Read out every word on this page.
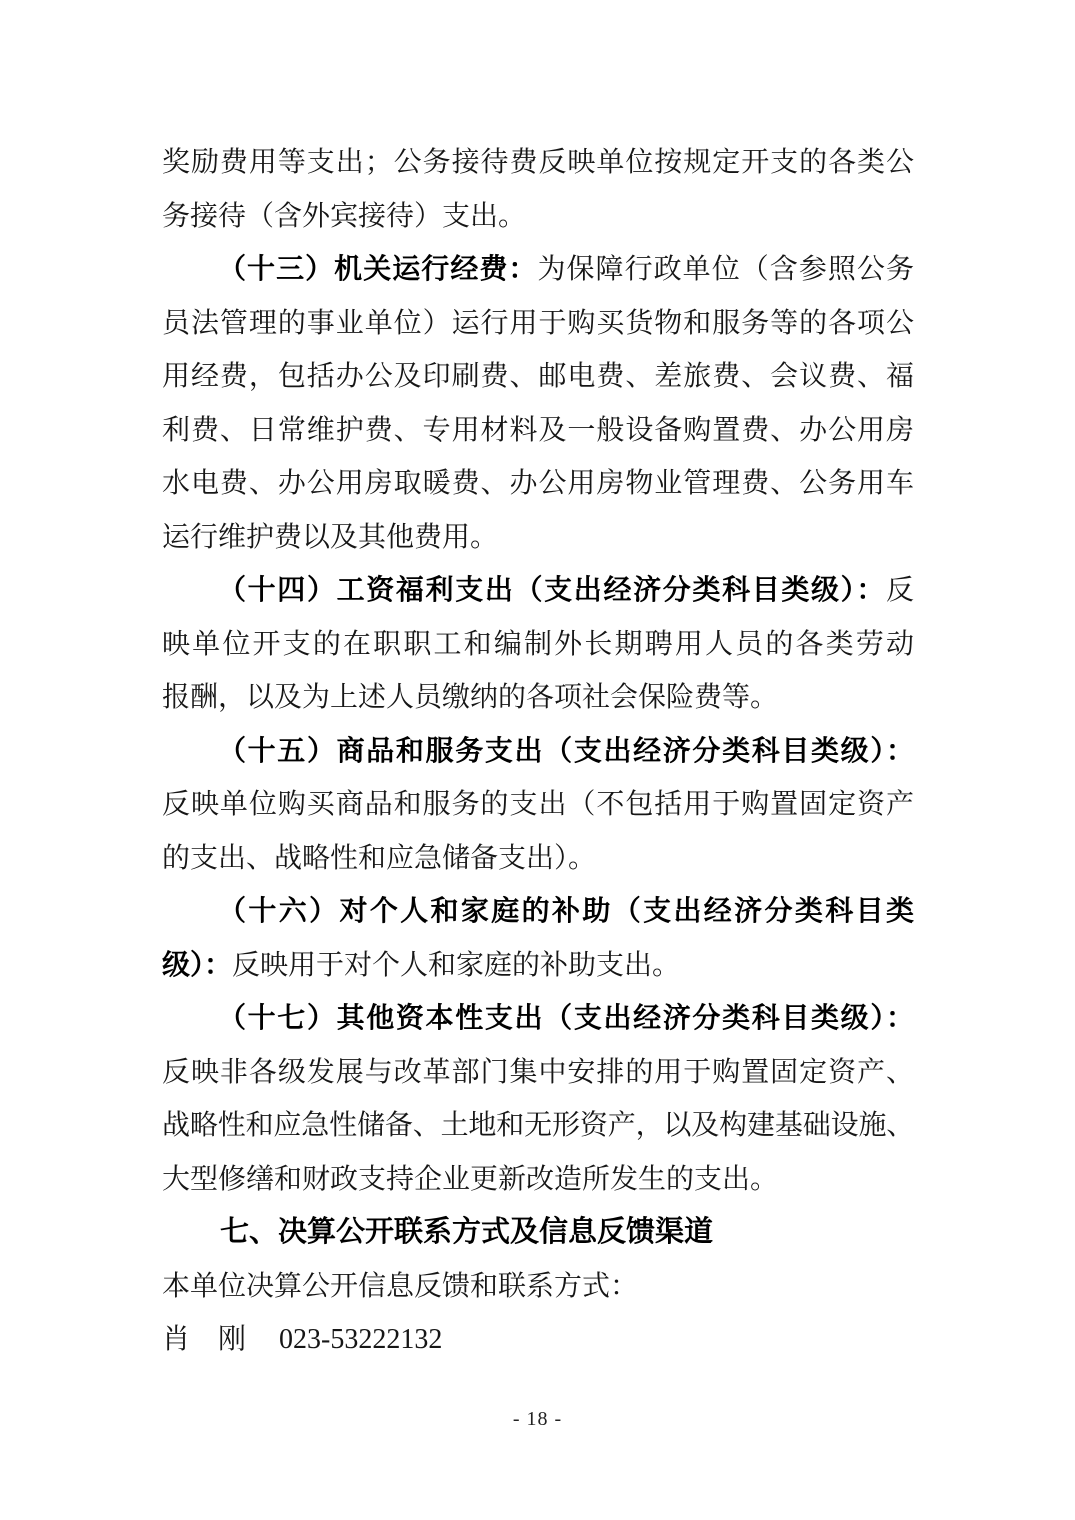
奖励费用等支出；公务接待费反映单位按规定开支的各类公
务接待（含外宾接待）支出。
（十三）机关运行经费：为保障行政单位（含参照公务
员法管理的事业单位）运行用于购买货物和服务等的各项公
用经费，包括办公及印刷费、邮电费、差旅费、会议费、福
利费、日常维护费、专用材料及一般设备购置费、办公用房
水电费、办公用房取暖费、办公用房物业管理费、公务用车
运行维护费以及其他费用。
（十四）工资福利支出（支出经济分类科目类级）：反
映单位开支的在职职工和编制外长期聘用人员的各类劳动
报酬，以及为上述人员缴纳的各项社会保险费等。
（十五）商品和服务支出（支出经济分类科目类级）：
反映单位购买商品和服务的支出（不包括用于购置固定资产
的支出、战略性和应急储备支出）。
（十六）对个人和家庭的补助（支出经济分类科目类
级）：反映用于对个人和家庭的补助支出。
（十七）其他资本性支出（支出经济分类科目类级）：
反映非各级发展与改革部门集中安排的用于购置固定资产、
战略性和应急性储备、土地和无形资产，以及构建基础设施、
大型修缮和财政支持企业更新改造所发生的支出。
七、决算公开联系方式及信息反馈渠道
本单位决算公开信息反馈和联系方式：
肖　刚 023-53222132
- 18 -
